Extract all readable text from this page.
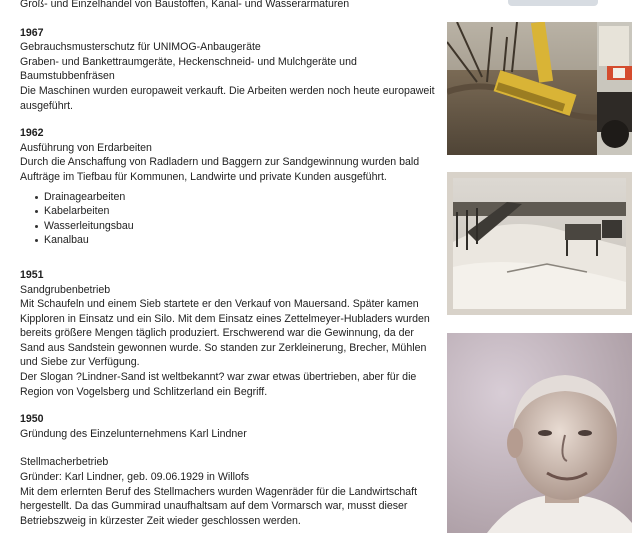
Groß- und Einzelhandel von Baustoffen, Kanal- und Wasserarmaturen

1967

Gebrauchsmusterschutz für UNIMOG-Anbaugeräte

Graben- und Bankettraumgeräte, Heckenschneid- und Mulchgeräte und Baumstubbenfräsen

Die Maschinen wurden europaweit verkauft. Die Arbeiten werden noch heute europaweit ausgeführt.

1962

Ausführung von Erdarbeiten

Durch die Anschaffung von Radladern und Baggern zur Sandgewinnung wurden bald Aufträge im Tiefbau für Kommunen, Landwirte und private Kunden ausgeführt.

Drainagearbeiten
Kabelarbeiten
Wasserleitungsbau
Kanalbau

1951

Sandgrubenbetrieb

Mit Schaufeln und einem Sieb startete er den Verkauf von Mauersand. Später kamen Kipploren in Einsatz und ein Silo. Mit dem Einsatz eines Zettelmeyer-Hubladers wurden bereits größere Mengen täglich produziert. Erschwerend war die Gewinnung, da der Sand aus Sandstein gewonnen wurde. So standen zur Zerkleinerung, Brecher, Mühlen und Siebe zur Verfügung.

Der Slogan ?Lindner-Sand ist weltbekannt? war zwar etwas übertrieben, aber für die Region von Vogelsberg und Schlitzerland ein Begriff.

1950

Gründung des Einzelunternehmens Karl Lindner

Stellmacherbetrieb

Gründer: Karl Lindner, geb. 09.06.1929 in Willofs

Mit dem erlernten Beruf des Stellmachers wurden Wagenräder für die Landwirtschaft hergestellt. Da das Gummirad unaufhaltsam auf dem Vormarsch war, musst dieser Betriebszweig in kürzester Zeit wieder geschlossen werden.
